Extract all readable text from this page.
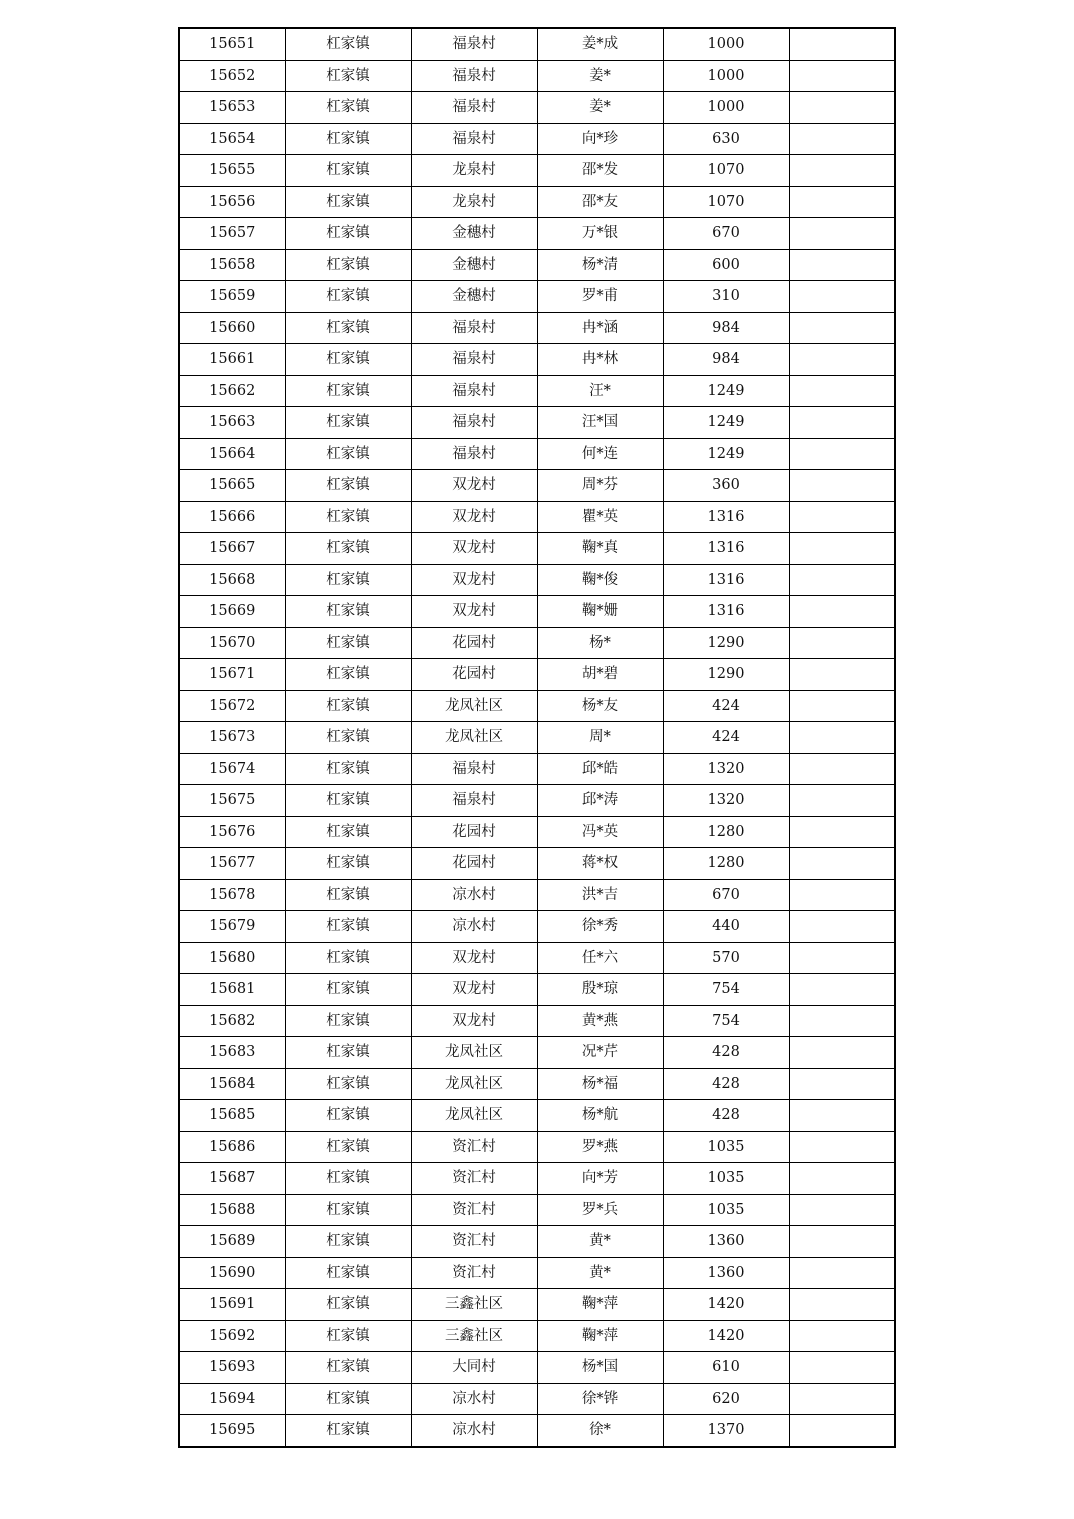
15651	杠家镇	福泉村	姜*成	1000	
15652	杠家镇	福泉村	姜*	1000	
15653	杠家镇	福泉村	姜*	1000	
15654	杠家镇	福泉村	向*珍	630	
15655	杠家镇	龙泉村	邵*发	1070	
15656	杠家镇	龙泉村	邵*友	1070	
15657	杠家镇	金穗村	万*银	670	
15658	杠家镇	金穗村	杨*清	600	
15659	杠家镇	金穗村	罗*甫	310	
15660	杠家镇	福泉村	冉*涵	984	
15661	杠家镇	福泉村	冉*林	984	
15662	杠家镇	福泉村	汪*	1249	
15663	杠家镇	福泉村	汪*国	1249	
15664	杠家镇	福泉村	何*连	1249	
15665	杠家镇	双龙村	周*芬	360	
15666	杠家镇	双龙村	瞿*英	1316	
15667	杠家镇	双龙村	鞠*真	1316	
15668	杠家镇	双龙村	鞠*俊	1316	
15669	杠家镇	双龙村	鞠*姗	1316	
15670	杠家镇	花园村	杨*	1290	
15671	杠家镇	花园村	胡*碧	1290	
15672	杠家镇	龙凤社区	杨*友	424	
15673	杠家镇	龙凤社区	周*	424	
15674	杠家镇	福泉村	邱*皓	1320	
15675	杠家镇	福泉村	邱*涛	1320	
15676	杠家镇	花园村	冯*英	1280	
15677	杠家镇	花园村	蒋*权	1280	
15678	杠家镇	凉水村	洪*吉	670	
15679	杠家镇	凉水村	徐*秀	440	
15680	杠家镇	双龙村	任*六	570	
15681	杠家镇	双龙村	殷*琼	754	
15682	杠家镇	双龙村	黄*燕	754	
15683	杠家镇	龙凤社区	况*芹	428	
15684	杠家镇	龙凤社区	杨*福	428	
15685	杠家镇	龙凤社区	杨*航	428	
15686	杠家镇	资汇村	罗*燕	1035	
15687	杠家镇	资汇村	向*芳	1035	
15688	杠家镇	资汇村	罗*兵	1035	
15689	杠家镇	资汇村	黄*	1360	
15690	杠家镇	资汇村	黄*	1360	
15691	杠家镇	三鑫社区	鞠*萍	1420	
15692	杠家镇	三鑫社区	鞠*萍	1420	
15693	杠家镇	大同村	杨*国	610	
15694	杠家镇	凉水村	徐*铧	620	
15695	杠家镇	凉水村	徐*	1370	
